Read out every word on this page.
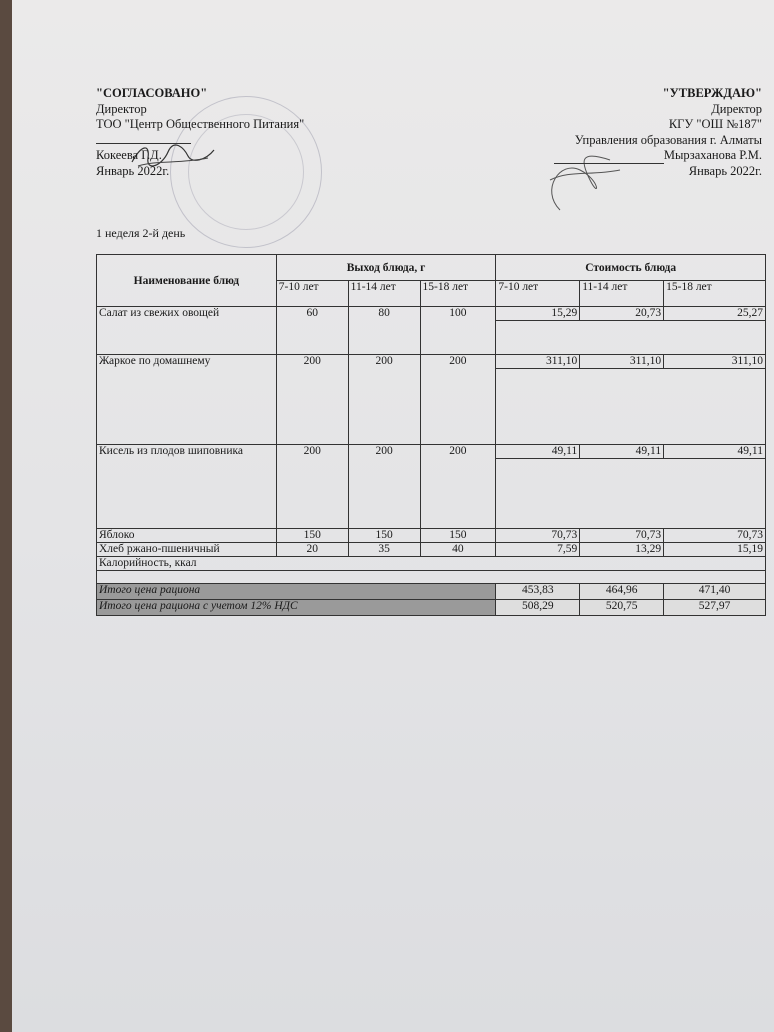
"СОГЛАСОВАНО"
Директор
ТОО "Центр Общественного Питания"
Кокеева Г.Д.
Январь 2022г.
"УТВЕРЖДАЮ"
Директор
КГУ "ОШ №187"
Управления образования г. Алматы
Мырзаханова Р.М.
Январь 2022г.
1 неделя 2-й день
Наименование блюд	Выход блюда, г			Стоимость блюда		
	7-10 лет	11-14 лет	15-18 лет	7-10 лет	11-14 лет	15-18 лет
Салат из свежих овощей	60	80	100	15,29	20,73	25,27

Жаркое по домашнему	200	200	200	311,10	311,10	311,10

Кисель из плодов шиповника	200	200	200	49,11	49,11	49,11

Яблоко	150	150	150	70,73	70,73	70,73
Хлеб ржано-пшеничный	20	35	40	7,59	13,29	15,19
Калорийность, ккал						

Итого цена рациона				453,83	464,96	471,40
Итого цена рациона с учетом 12% НДС				508,29	520,75	527,97
